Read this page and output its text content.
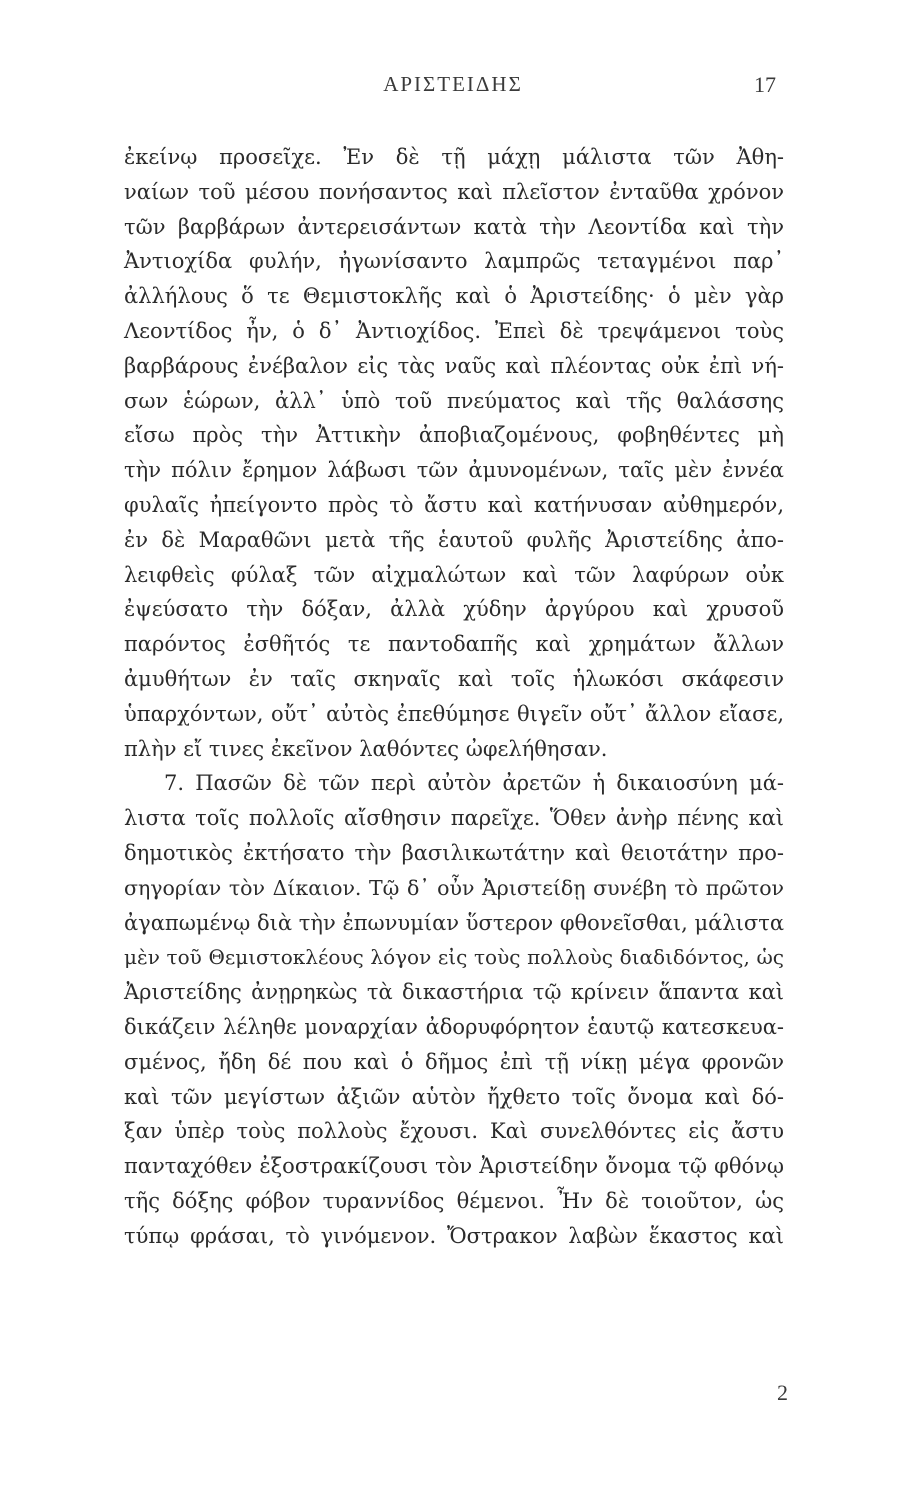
ΑΡΙΣΤΕΙΔΗΣ	17
ἐκείνῳ προσεῖχε. Ἐν δὲ τῇ μάχῃ μάλιστα τῶν Ἀθη-
ναίων τοῦ μέσου πονήσαντος καὶ πλεῖστον ἐνταῦθα χρόνον
τῶν βαρβάρων ἀντερεισάντων κατὰ τὴν Λεοντίδα καὶ τὴν
Ἀντιοχίδα φυλήν, ἠγωνίσαντο λαμπρῶς τεταγμένοι παρ᾽
ἀλλήλους ὅ τε Θεμιστοκλῆς καὶ ὁ Ἀριστείδης· ὁ μὲν γὰρ
Λεοντίδος ἦν, ὁ δ᾽ Ἀντιοχίδος. Ἐπεὶ δὲ τρεψάμενοι τοὺς
βαρβάρους ἐνέβαλον εἰς τὰς ναῦς καὶ πλέοντας οὐκ ἐπὶ νή-
σων ἑώρων, ἀλλ᾽ ὑπὸ τοῦ πνεύματος καὶ τῆς θαλάσσης
εἴσω πρὸς τὴν Ἀττικὴν ἀποβιαζομένους, φοβηθέντες μὴ
τὴν πόλιν ἔρημον λάβωσι τῶν ἀμυνομένων, ταῖς μὲν ἐννέα
φυλαῖς ἠπείγοντο πρὸς τὸ ἄστυ καὶ κατήνυσαν αὐθημερόν,
ἐν δὲ Μαραθῶνι μετὰ τῆς ἑαυτοῦ φυλῆς Ἀριστείδης ἀπο-
λειφθεὶς φύλαξ τῶν αἰχμαλώτων καὶ τῶν λαφύρων οὐκ
ἐψεύσατο τὴν δόξαν, ἀλλὰ χύδην ἀργύρου καὶ χρυσοῦ
παρόντος ἐσθῆτός τε παντοδαπῆς καὶ χρημάτων ἄλλων
ἀμυθήτων ἐν ταῖς σκηναῖς καὶ τοῖς ἡλωκόσι σκάφεσιν
ὑπαρχόντων, οὔτ᾽ αὐτὸς ἐπεθύμησε θιγεῖν οὔτ᾽ ἄλλον εἴασε,
πλὴν εἴ τινες ἐκεῖνον λαθόντες ὠφελήθησαν.
7. Πασῶν δὲ τῶν περὶ αὐτὸν ἀρετῶν ἡ δικαιοσύνη μά-
λιστα τοῖς πολλοῖς αἴσθησιν παρεῖχε. Ὅθεν ἀνὴρ πένης καὶ
δημοτικὸς ἐκτήσατο τὴν βασιλικωτάτην καὶ θειοτάτην προ-
σηγορίαν τὸν Δίκαιον. Τῷ δ᾽ οὖν Ἀριστείδῃ συνέβη τὸ πρῶτον
ἀγαπωμένῳ διὰ τὴν ἐπωνυμίαν ὕστερον φθονεῖσθαι, μάλιστα
μὲν τοῦ Θεμιστοκλέους λόγον εἰς τοὺς πολλοὺς διαδιδόντος, ὡς
Ἀριστείδης ἀνῃρηκὼς τὰ δικαστήρια τῷ κρίνειν ἅπαντα καὶ
δικάζειν λέληθε μοναρχίαν ἀδορυφόρητον ἑαυτῷ κατεσκευα-
σμένος, ἤδη δέ που καὶ ὁ δῆμος ἐπὶ τῇ νίκῃ μέγα φρονῶν
καὶ τῶν μεγίστων ἀξιῶν αὑτὸν ἤχθετο τοῖς ὄνομα καὶ δό-
ξαν ὑπὲρ τοὺς πολλοὺς ἔχουσι. Καὶ συνελθόντες εἰς ἄστυ
πανταχόθεν ἐξοστρακίζουσι τὸν Ἀριστείδην ὄνομα τῷ φθόνῳ
τῆς δόξης φόβον τυραννίδος θέμενοι. Ἦν δὲ τοιοῦτον, ὡς
τύπῳ φράσαι, τὸ γινόμενον. Ὄστρακον λαβὼν ἕκαστος καὶ
2
